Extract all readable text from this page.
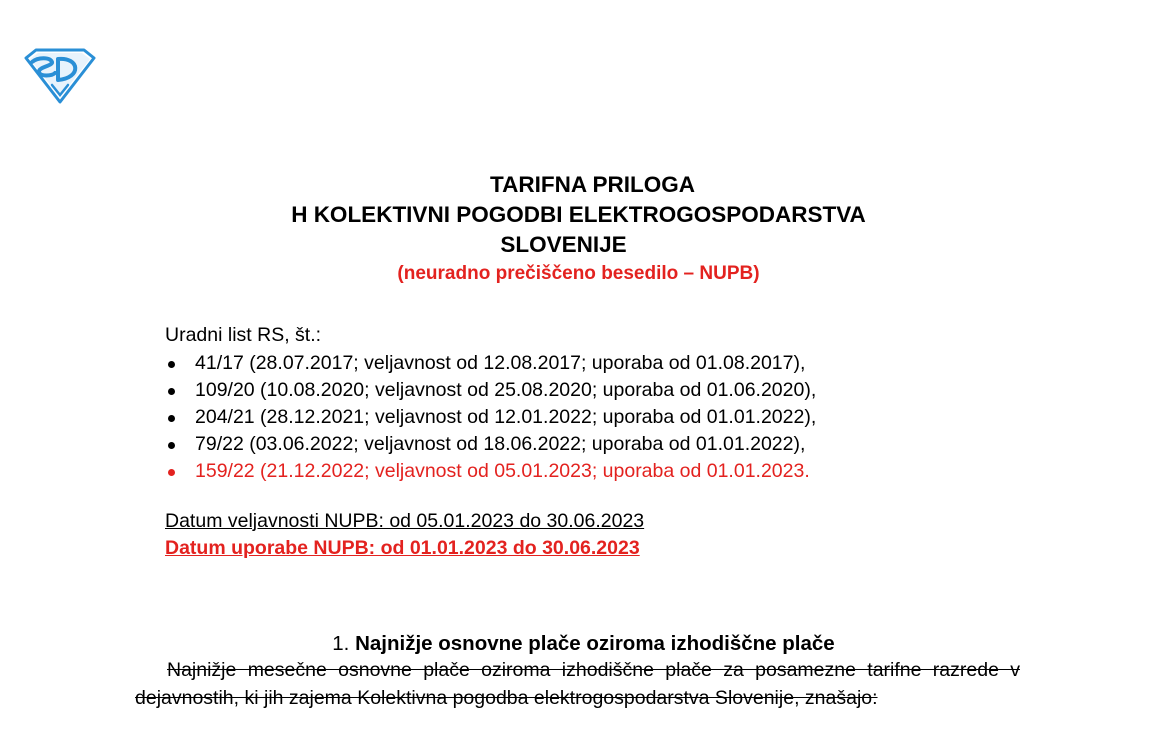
TARIFNA PRILOGA
H KOLEKTIVNI POGODBI ELEKTROGOSPODARSTVA
SLOVENIJE
(neuradno prečiščeno besedilo – NUPB)
Uradni list RS, št.:
41/17 (28.07.2017; veljavnost od 12.08.2017; uporaba od 01.08.2017),
109/20 (10.08.2020; veljavnost od 25.08.2020; uporaba od 01.06.2020),
204/21 (28.12.2021; veljavnost od 12.01.2022; uporaba od 01.01.2022),
79/22 (03.06.2022; veljavnost od 18.06.2022; uporaba od 01.01.2022),
159/22 (21.12.2022; veljavnost od 05.01.2023; uporaba od 01.01.2023.
Datum veljavnosti NUPB: od 05.01.2023 do 30.06.2023
Datum uporabe NUPB: od 01.01.2023 do 30.06.2023
1. Najnižje osnovne plače oziroma izhodiščne plače
Najnižje mesečne osnovne plače oziroma izhodiščne plače za posamezne tarifne razrede v dejavnostih, ki jih zajema Kolektivna pogodba elektrogospodarstva Slovenije, znašajo:
